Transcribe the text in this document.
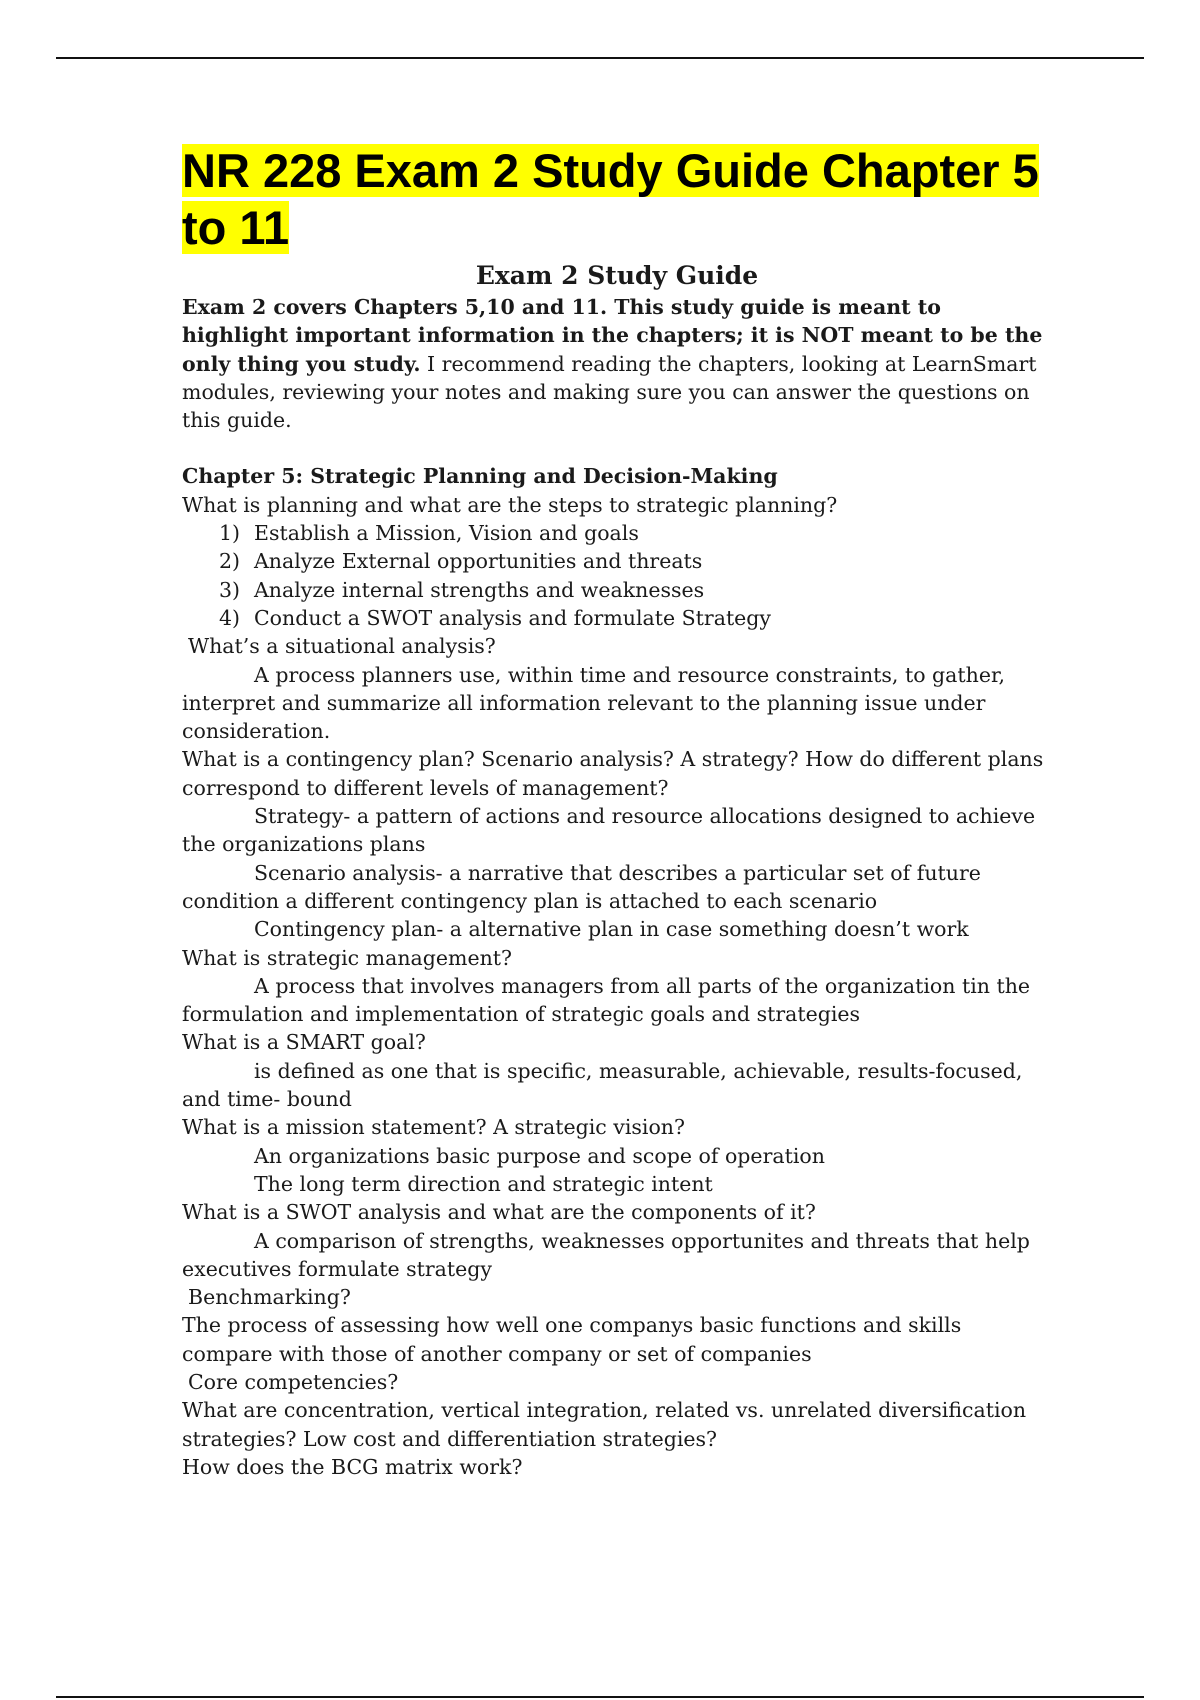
NR 228 Exam 2 Study Guide Chapter 5 to 11
Exam 2 Study Guide

Exam 2 covers Chapters 5,10 and 11. This study guide is meant to highlight important information in the chapters; it is NOT meant to be the only thing you study. I recommend reading the chapters, looking at LearnSmart modules, reviewing your notes and making sure you can answer the questions on this guide.

Chapter 5: Strategic Planning and Decision-Making
What is planning and what are the steps to strategic planning?
1) Establish a Mission, Vision and goals
2) Analyze External opportunities and threats
3) Analyze internal strengths and weaknesses
4) Conduct a SWOT analysis and formulate Strategy
What’s a situational analysis?

A process planners use, within time and resource constraints, to gather, interpret and summarize all information relevant to the planning issue under consideration.

What is a contingency plan? Scenario analysis? A strategy? How do different plans correspond to different levels of management?

Strategy- a pattern of actions and resource allocations designed to achieve the organizations plans

Scenario analysis- a narrative that describes a particular set of future condition a different contingency plan is attached to each scenario

Contingency plan- a alternative plan in case something doesn’t work

What is strategic management?

A process that involves managers from all parts of the organization tin the formulation and implementation of strategic goals and strategies

What is a SMART goal?

is defined as one that is specific, measurable, achievable, results-focused, and time- bound

What is a mission statement? A strategic vision?
An organizations basic purpose and scope of operation
The long term direction and strategic intent
What is a SWOT analysis and what are the components of it?

A comparison of strengths, weaknesses opportunites and threats that help executives formulate strategy

Benchmarking?

The process of assessing how well one companys basic functions and skills compare with those of another company or set of companies

Core competencies?

What are concentration, vertical integration, related vs. unrelated diversification strategies? Low cost and differentiation strategies?

How does the BCG matrix work?
